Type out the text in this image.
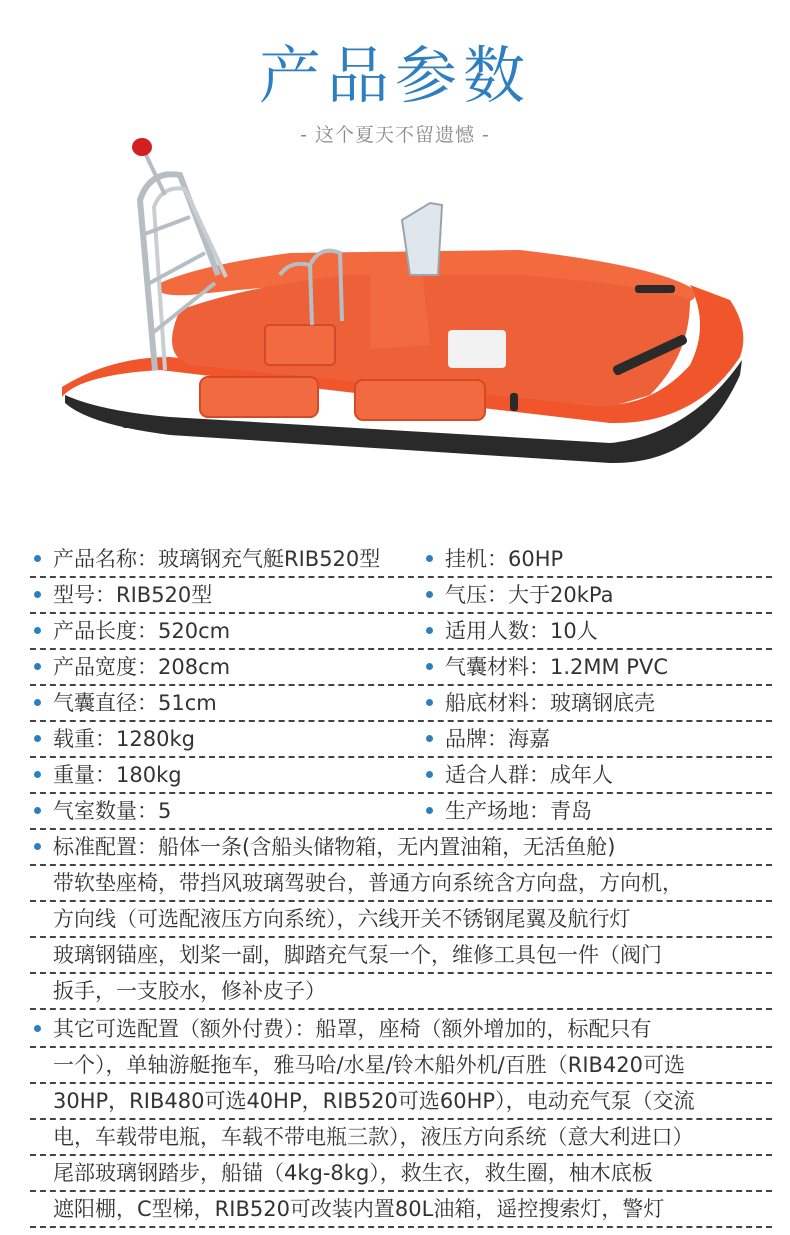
产品参数
- 这个夏天不留遗憾 -
产品名称：玻璃钢充气艇RIB520型	挂机：60HP
型号：RIB520型	气压：大于20kPa
产品长度：520cm	适用人数：10人
产品宽度：208cm	气囊材料：1.2MM PVC
气囊直径：51cm	船底材料：玻璃钢底壳
载重：1280kg	品牌：海嘉
重量：180kg	适合人群：成年人
气室数量：5	生产场地：青岛
标准配置：船体一条(含船头储物箱，无内置油箱，无活鱼舱)
带软垫座椅，带挡风玻璃驾驶台，普通方向系统含方向盘，方向机，
方向线（可选配液压方向系统），六线开关不锈钢尾翼及航行灯
玻璃钢锚座，划桨一副，脚踏充气泵一个，维修工具包一件（阀门
扳手，一支胶水，修补皮子）
其它可选配置（额外付费）：船罩，座椅（额外增加的，标配只有
一个），单轴游艇拖车，雅马哈/水星/铃木船外机/百胜（RIB420可选
30HP，RIB480可选40HP，RIB520可选60HP），电动充气泵（交流
电，车载带电瓶，车载不带电瓶三款），液压方向系统（意大利进口）
尾部玻璃钢踏步，船锚（4kg-8kg），救生衣，救生圈，柚木底板
遮阳棚，C型梯，RIB520可改装内置80L油箱，遥控搜索灯，警灯
